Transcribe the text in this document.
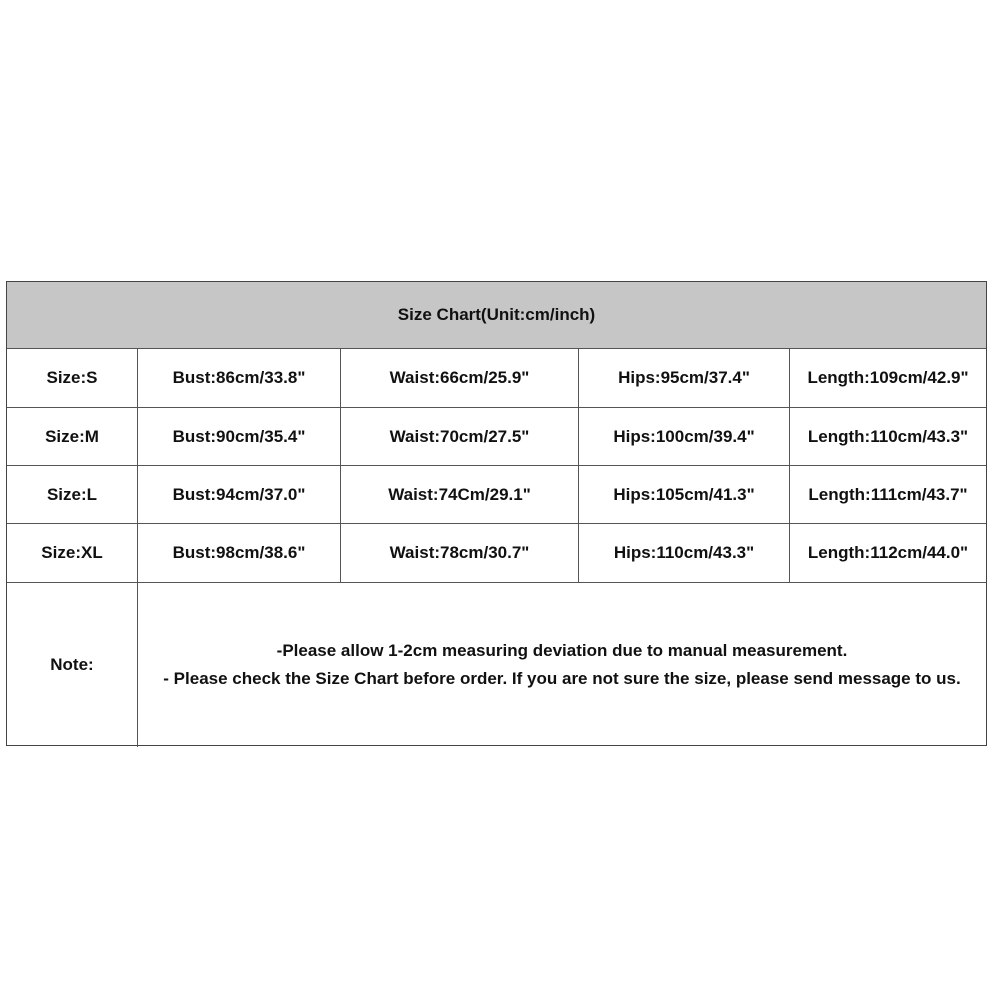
Size Chart(Unit:cm/inch)
Size:S	Bust:86cm/33.8"	Waist:66cm/25.9"	Hips:95cm/37.4"	Length:109cm/42.9"
Size:M	Bust:90cm/35.4"	Waist:70cm/27.5"	Hips:100cm/39.4"	Length:110cm/43.3"
Size:L	Bust:94cm/37.0"	Waist:74Cm/29.1"	Hips:105cm/41.3"	Length:111cm/43.7"
Size:XL	Bust:98cm/38.6"	Waist:78cm/30.7"	Hips:110cm/43.3"	Length:112cm/44.0"
Note:
-Please allow 1-2cm measuring deviation due to manual measurement.
- Please check the Size Chart before order. If you are not sure the size, please send message to us.
